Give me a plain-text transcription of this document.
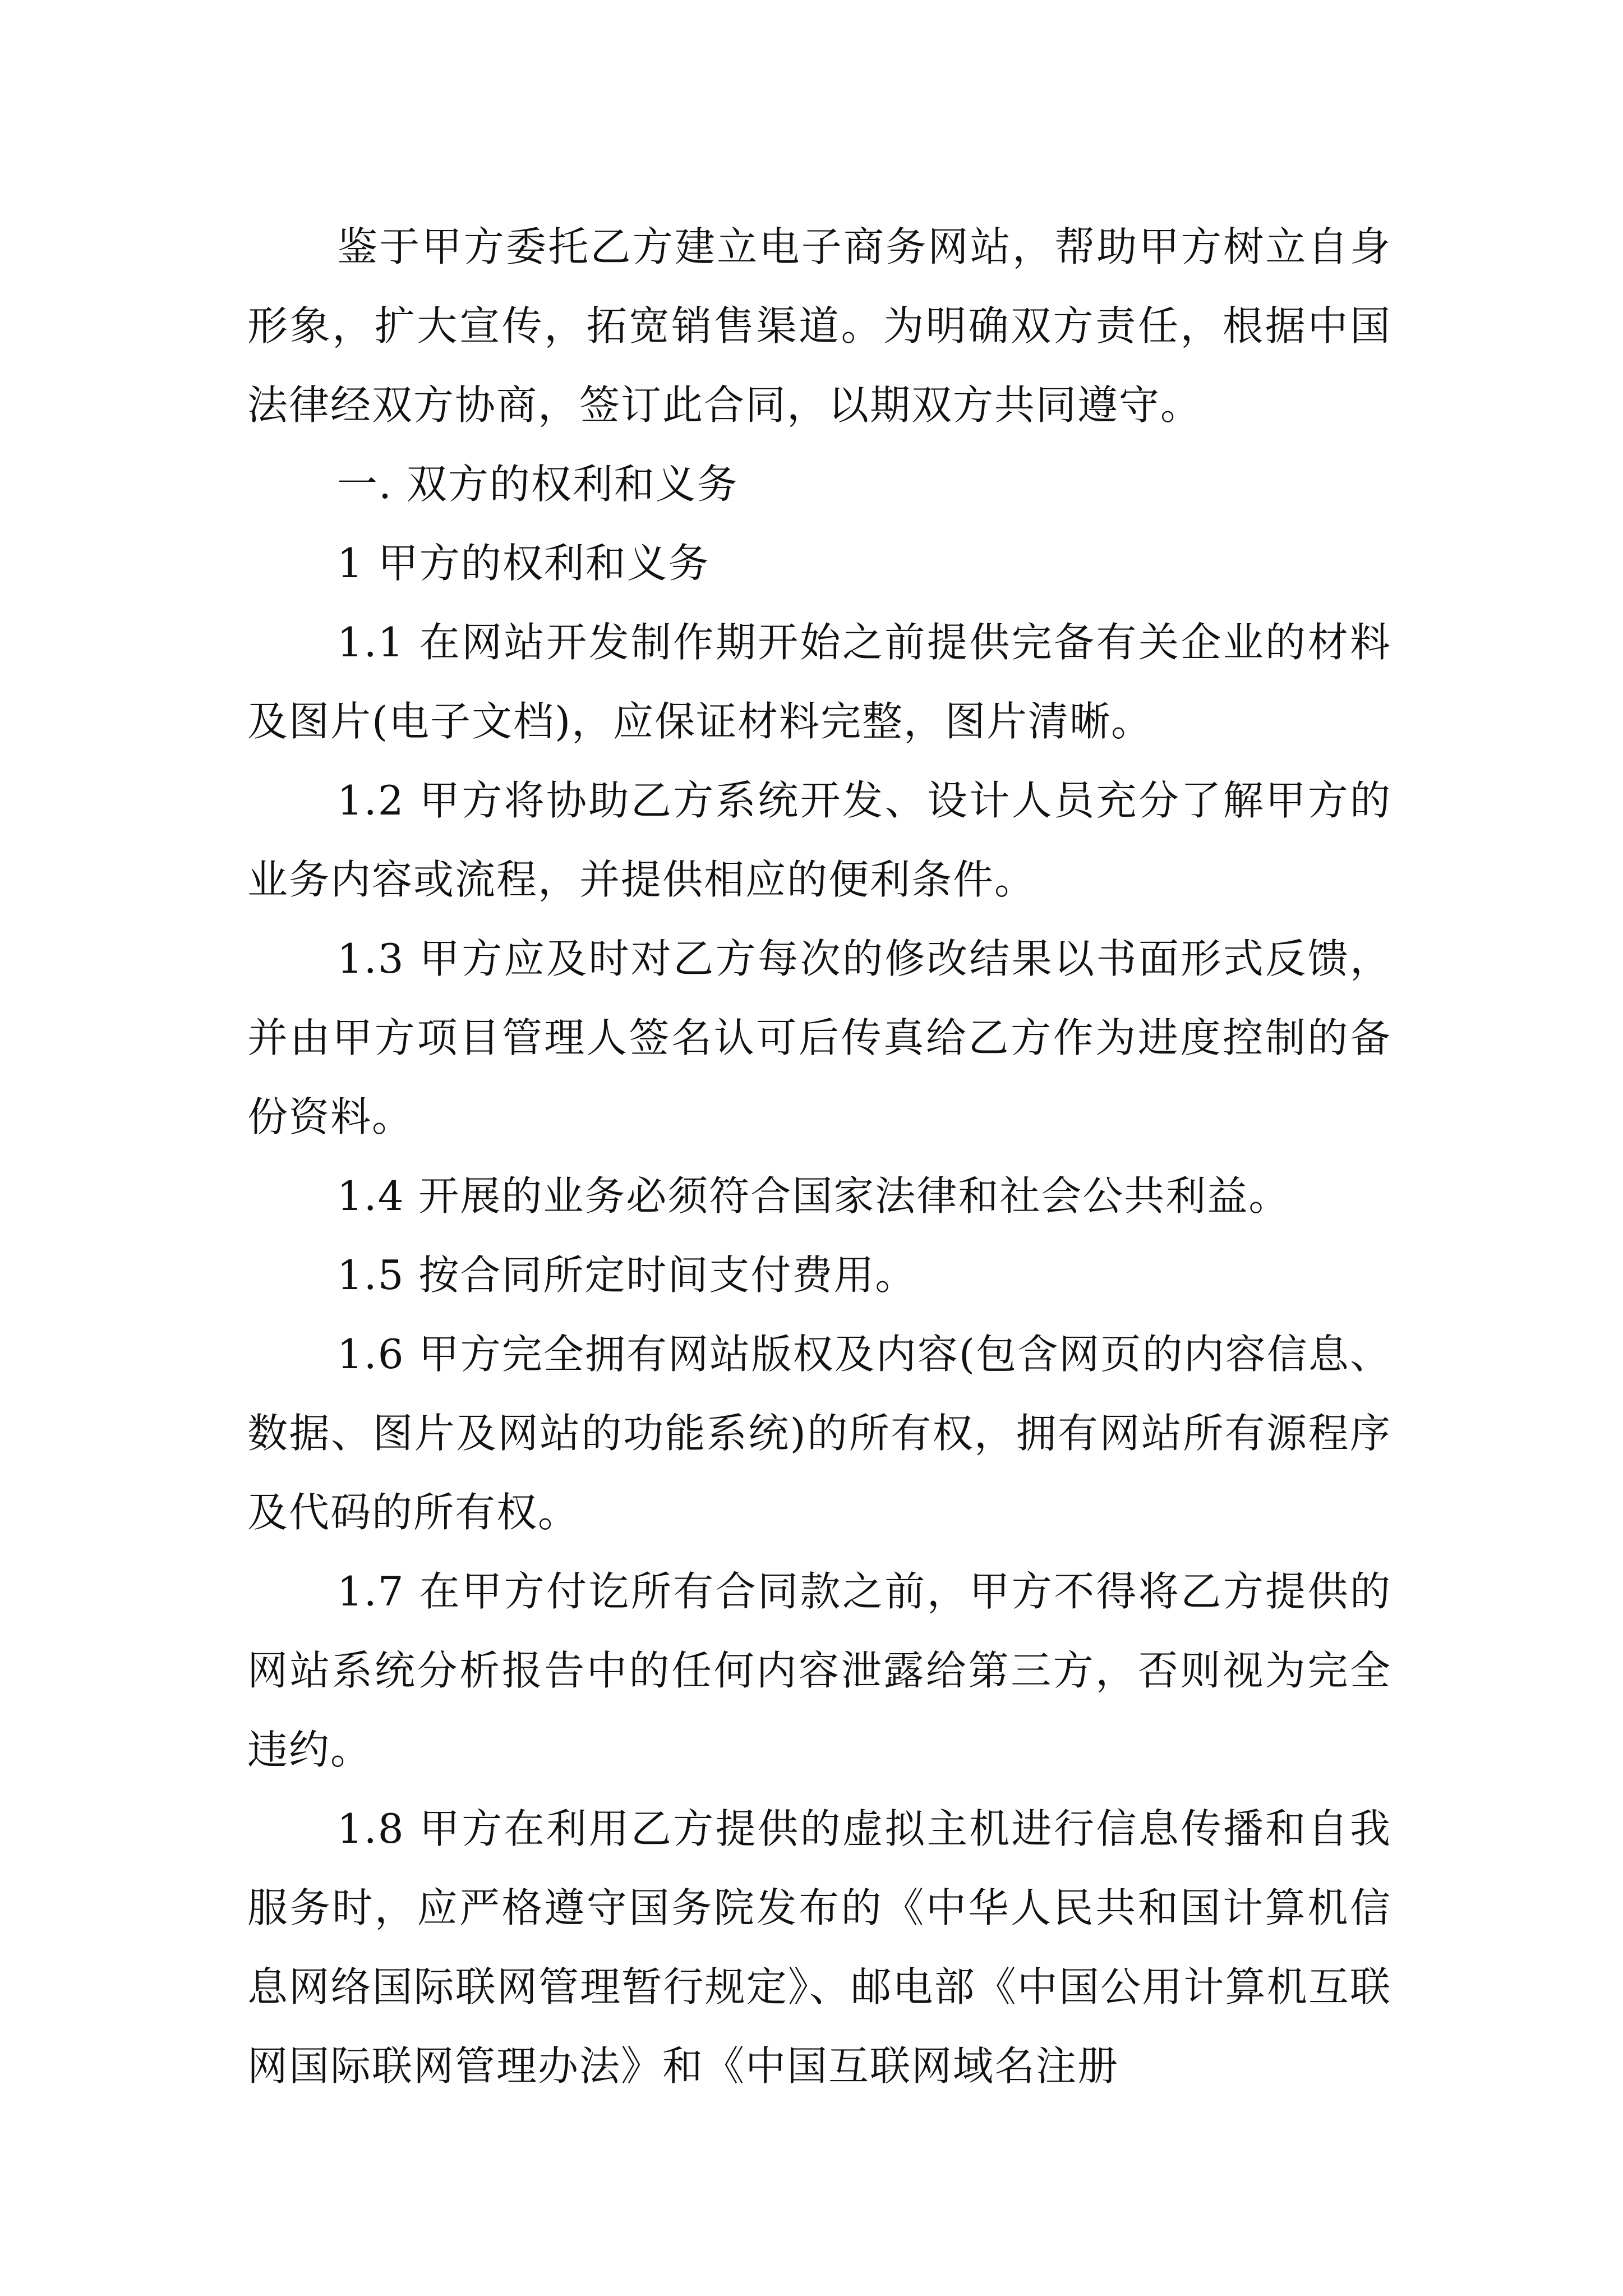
鉴于甲方委托乙方建立电子商务网站，帮助甲方树立自身形象，扩大宣传，拓宽销售渠道。为明确双方责任，根据中国法律经双方协商，签订此合同，以期双方共同遵守。

一. 双方的权利和义务

1 甲方的权利和义务

1.1 在网站开发制作期开始之前提供完备有关企业的材料及图片(电子文档)，应保证材料完整，图片清晰。

1.2 甲方将协助乙方系统开发、设计人员充分了解甲方的业务内容或流程，并提供相应的便利条件。

1.3 甲方应及时对乙方每次的修改结果以书面形式反馈，并由甲方项目管理人签名认可后传真给乙方作为进度控制的备份资料。

1.4 开展的业务必须符合国家法律和社会公共利益。

1.5 按合同所定时间支付费用。

1.6 甲方完全拥有网站版权及内容(包含网页的内容信息、数据、图片及网站的功能系统)的所有权，拥有网站所有源程序及代码的所有权。

1.7 在甲方付讫所有合同款之前，甲方不得将乙方提供的网站系统分析报告中的任何内容泄露给第三方，否则视为完全违约。

1.8 甲方在利用乙方提供的虚拟主机进行信息传播和自我服务时，应严格遵守国务院发布的《中华人民共和国计算机信息网络国际联网管理暂行规定》、邮电部《中国公用计算机互联网国际联网管理办法》和《中国互联网域名注册
